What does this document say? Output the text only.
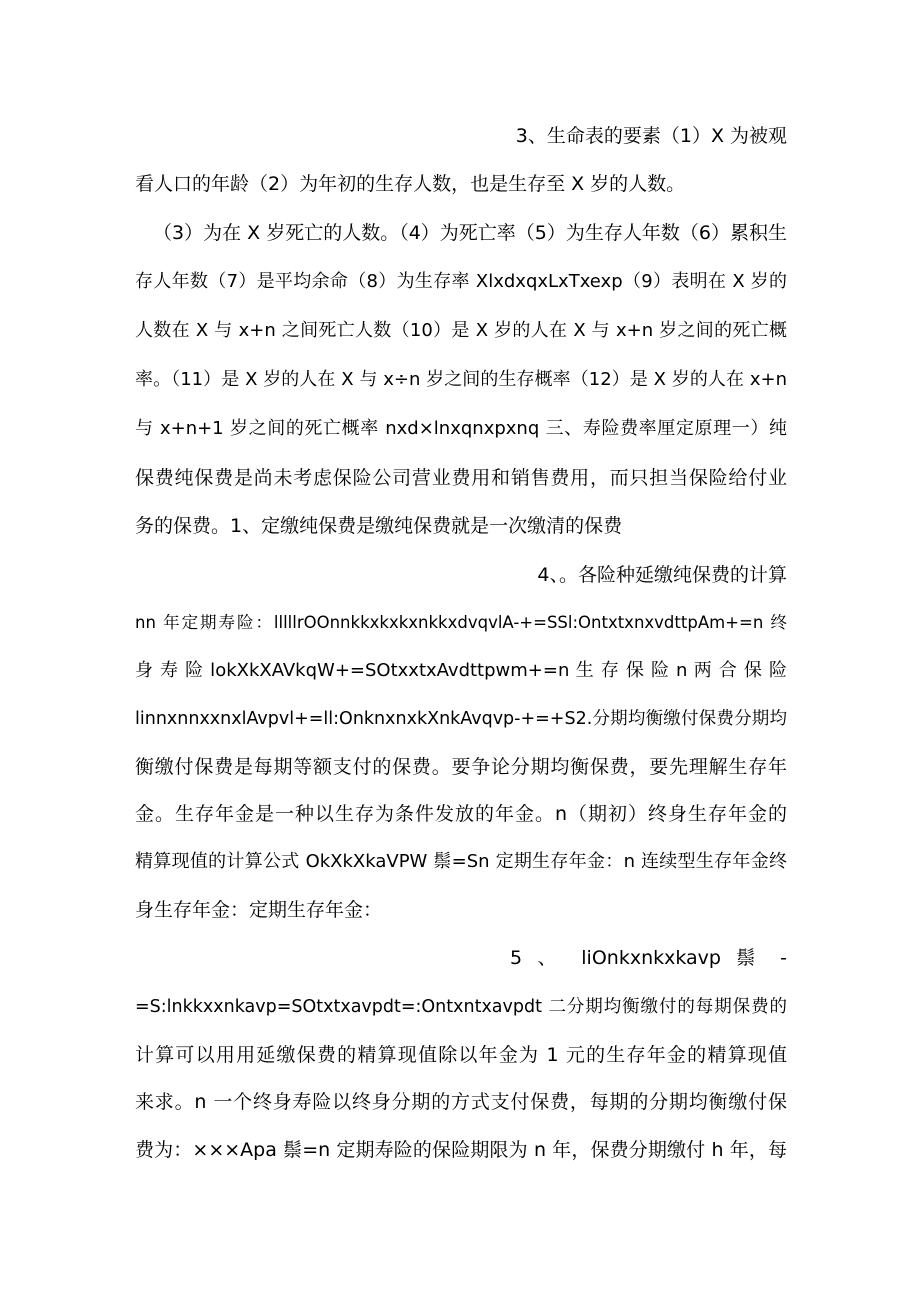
3、生命表的要素（1）X 为被观
看人口的年龄（2）为年初的生存人数，也是生存至 X 岁的人数。
（3）为在 X 岁死亡的人数。（4）为死亡率（5）为生存人年数（6）累积生
存人年数（7）是平均余命（8）为生存率 XlxdxqxLxTxexp（9）表明在 X 岁的
人数在 X 与 x+n 之间死亡人数（10）是 X 岁的人在 X 与 x+n 岁之间的死亡概
率。（11）是 X 岁的人在 X 与 x÷n 岁之间的生存概率（12）是 X 岁的人在 x+n
与 x+n+1 岁之间的死亡概率 nxd×lnxqnxpxnq 三、寿险费率厘定原理一）纯
保费纯保费是尚未考虑保险公司营业费用和销售费用，而只担当保险给付业
务的保费。1、定缴纯保费是缴纯保费就是一次缴清的保费
4、。各险种延缴纯保费的计算
nn 年定期寿险：lllllrOOnnkkxkxkxnkkxdvqvlA-+=SSl:OntxtxnxvdttpAm+=n 终
身 寿 险 lokXkXAVkqW+=SOtxxtxAvdttpwm+=n 生 存 保 险 n 两 合 保 险
linnxnnxxnxlAvpvl+=ll:OnknxnxkXnkAvqvp-+=+S2.分期均衡缴付保费分期均
衡缴付保费是每期等额支付的保费。要争论分期均衡保费，要先理解生存年
金。生存年金是一种以生存为条件发放的年金。n（期初）终身生存年金的
精算现值的计算公式 OkXkXkaVPW 鬃=Sn 定期生存年金：n 连续型生存年金终
身生存年金：定期生存年金：
5 、 liOnkxnkxkavp 鬃 -
=S:lnkkxxnkavp=SOtxtxavpdt=:Ontxntxavpdt 二分期均衡缴付的每期保费的
计算可以用用延缴保费的精算现值除以年金为 1 元的生存年金的精算现值
来求。n 一个终身寿险以终身分期的方式支付保费，每期的分期均衡缴付保
费为：×××Apa 鬃=n 定期寿险的保险期限为 n 年，保费分期缴付 h 年，每
